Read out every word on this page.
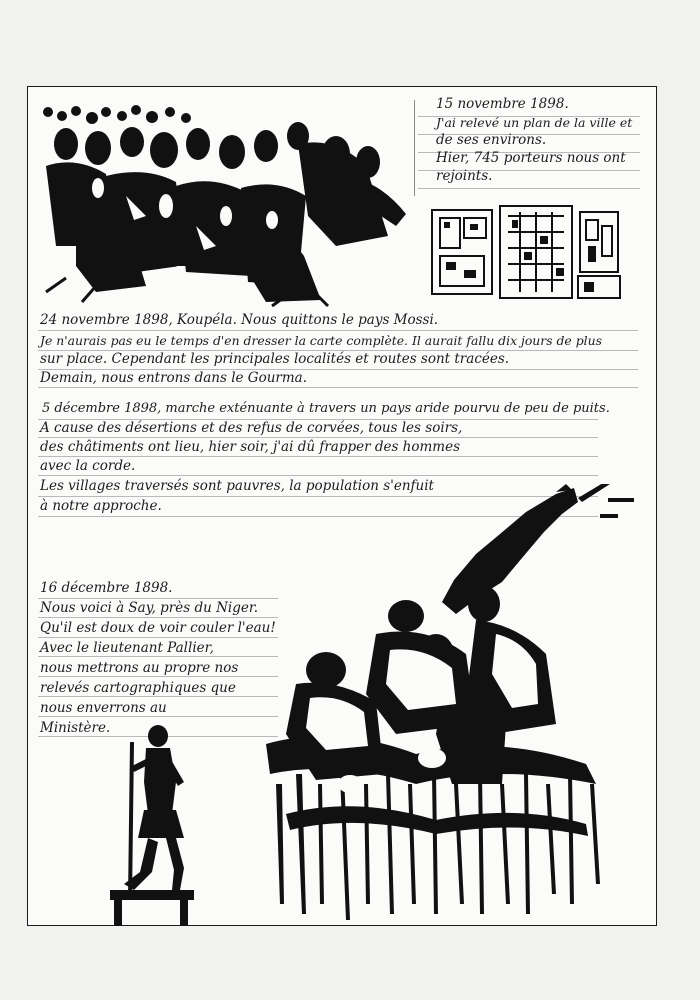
15 novembre 1898.
J'ai relevé un plan de la ville et
de ses environs.
Hier, 745 porteurs nous ont
rejoints.
24 novembre 1898, Koupéla. Nous quittons le pays Mossi.
Je n'aurais pas eu le temps d'en dresser la carte complète. Il aurait fallu dix jours de plus
sur place. Cependant les principales localités et routes sont tracées.
Demain, nous entrons dans le Gourma.
5 décembre 1898, marche exténuante à travers un pays aride pourvu de peu de puits.
A cause des désertions et des refus de corvées, tous les soirs,
des châtiments ont lieu, hier soir, j'ai dû frapper des hommes
avec la corde.
Les villages traversés sont pauvres, la population s'enfuit
à notre approche.
16 décembre 1898.
Nous voici à Say, près du Niger.
Qu'il est doux de voir couler l'eau!
Avec le lieutenant Pallier,
nous mettrons au propre nos
relevés cartographiques que
nous enverrons au
Ministère.
